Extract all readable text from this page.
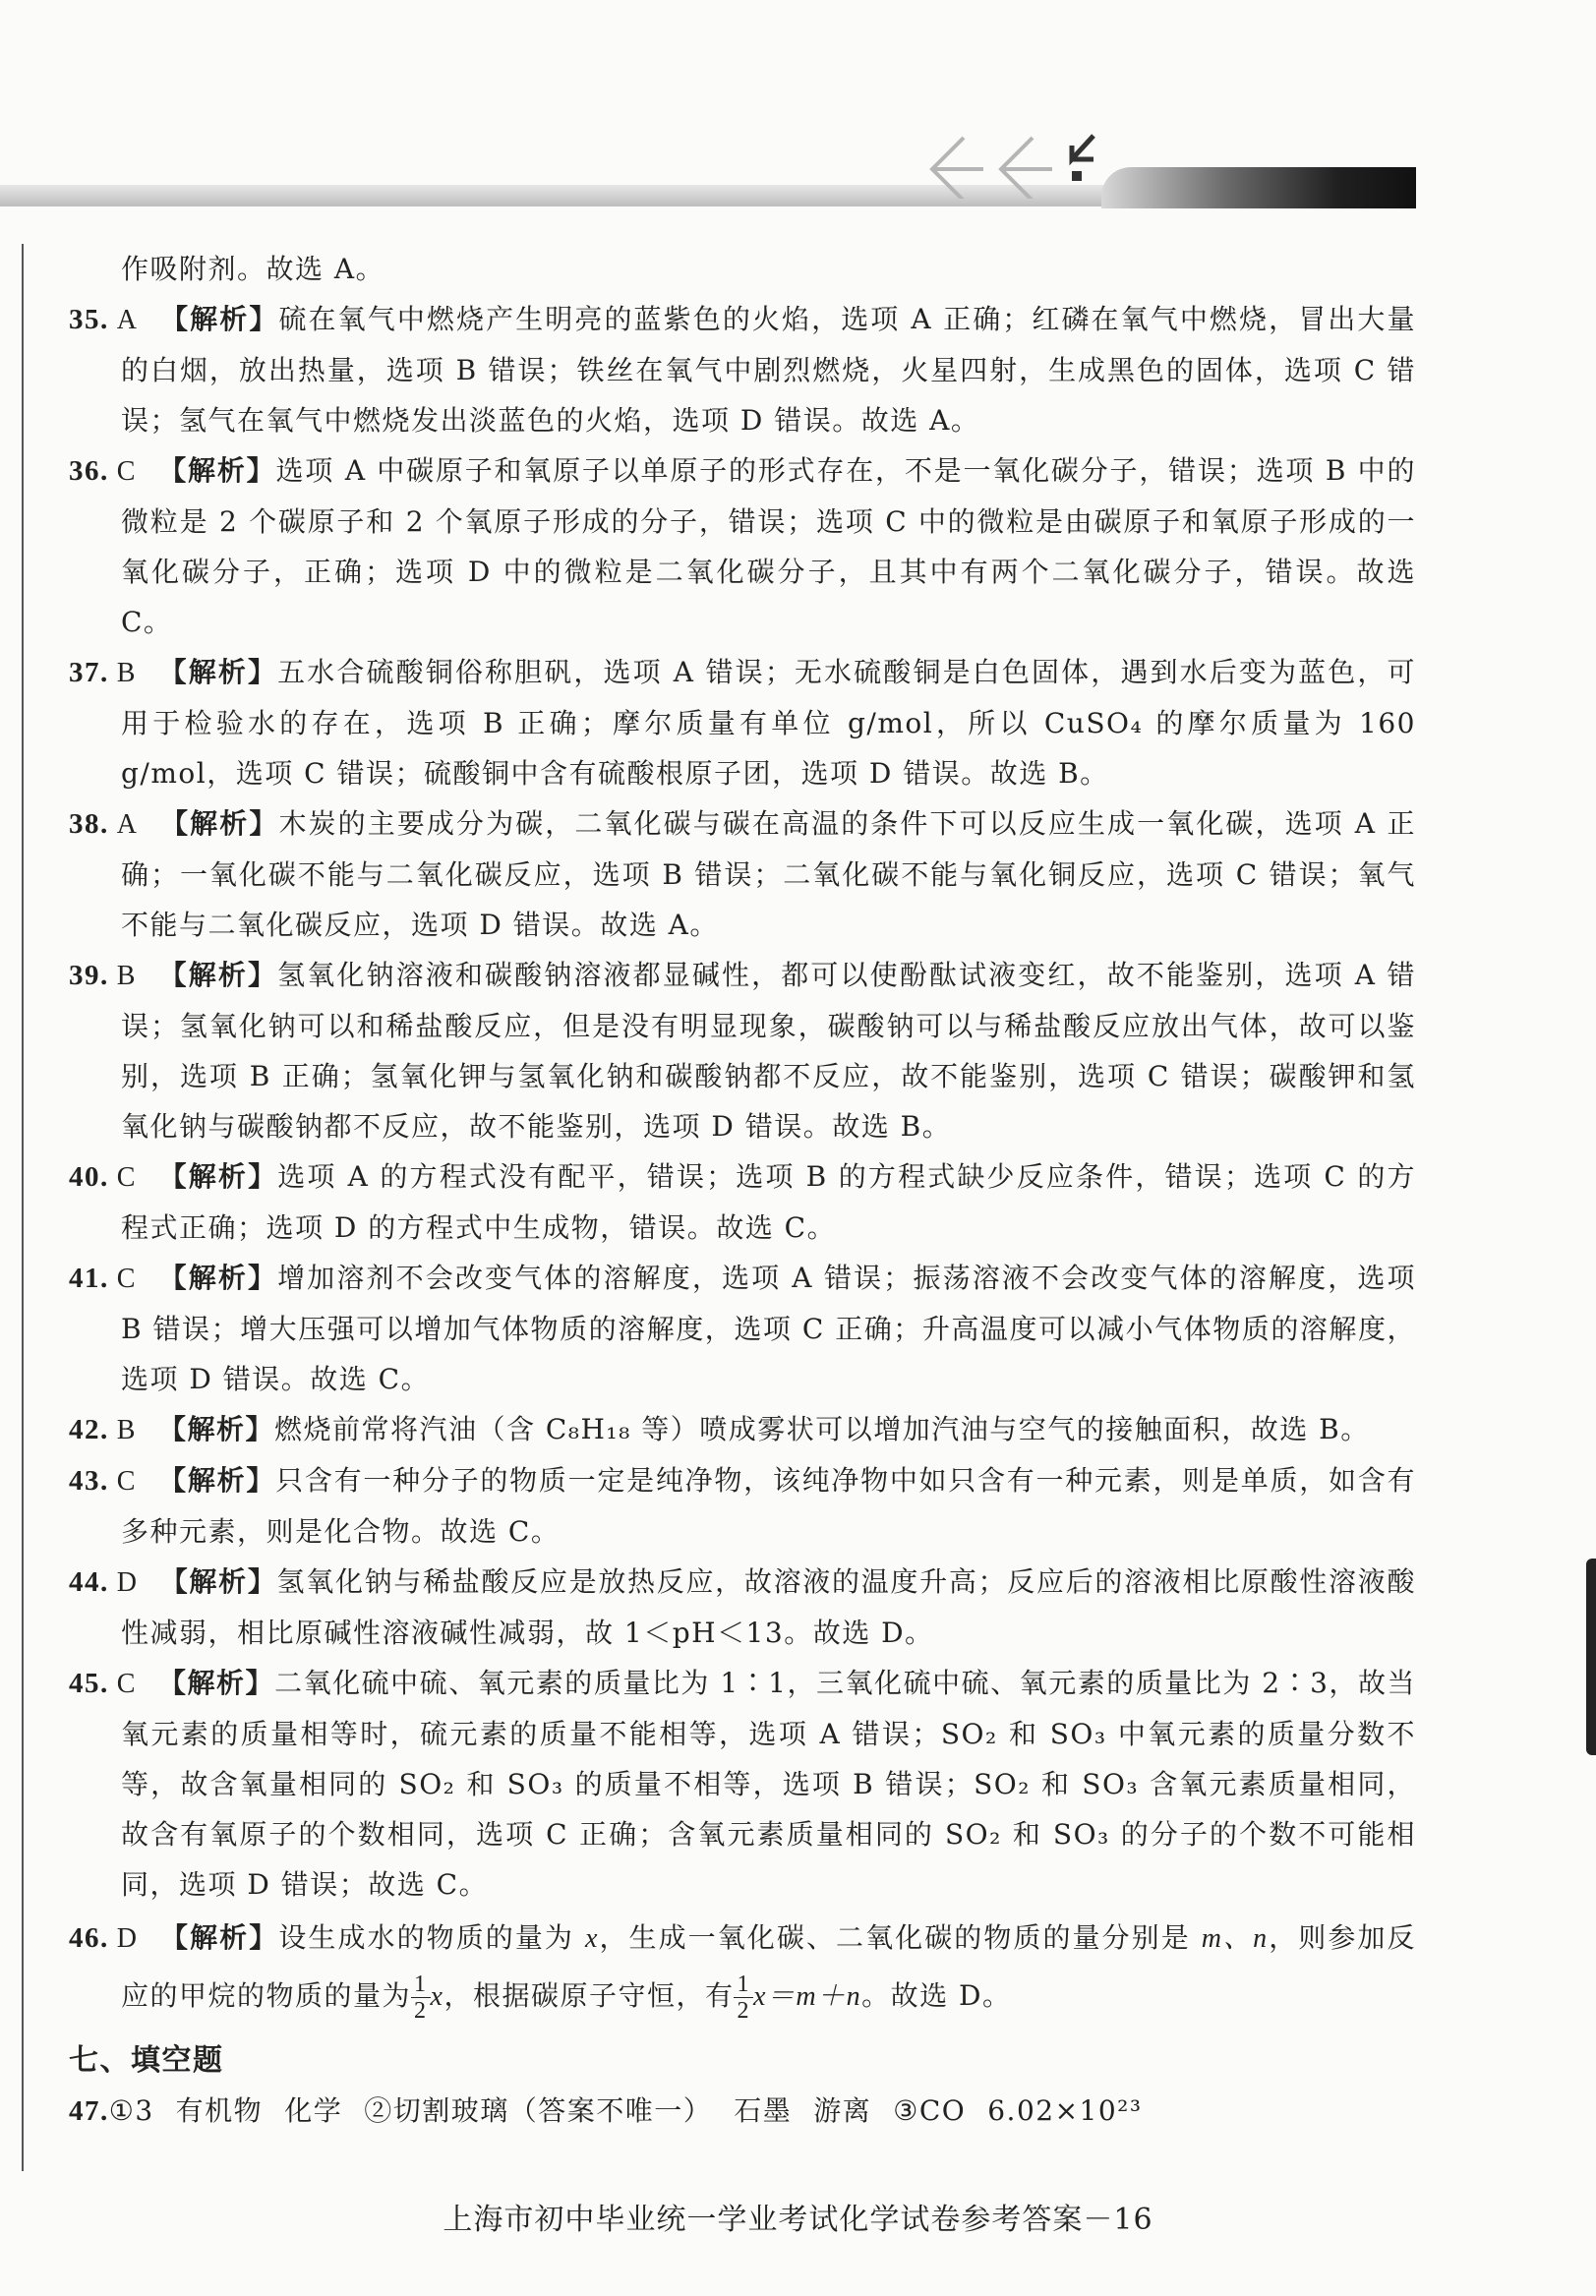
作吸附剂。故选 A。

35. A 【解析】硫在氧气中燃烧产生明亮的蓝紫色的火焰，选项 A 正确；红磷在氧气中燃烧，冒出大量的白烟，放出热量，选项 B 错误；铁丝在氧气中剧烈燃烧，火星四射，生成黑色的固体，选项 C 错误；氢气在氧气中燃烧发出淡蓝色的火焰，选项 D 错误。故选 A。

36. C 【解析】选项 A 中碳原子和氧原子以单原子的形式存在，不是一氧化碳分子，错误；选项 B 中的微粒是 2 个碳原子和 2 个氧原子形成的分子，错误；选项 C 中的微粒是由碳原子和氧原子形成的一氧化碳分子，正确；选项 D 中的微粒是二氧化碳分子，且其中有两个二氧化碳分子，错误。故选 C。

37. B 【解析】五水合硫酸铜俗称胆矾，选项 A 错误；无水硫酸铜是白色固体，遇到水后变为蓝色，可用于检验水的存在，选项 B 正确；摩尔质量有单位 g/mol，所以 CuSO₄ 的摩尔质量为 160 g/mol，选项 C 错误；硫酸铜中含有硫酸根原子团，选项 D 错误。故选 B。

38. A 【解析】木炭的主要成分为碳，二氧化碳与碳在高温的条件下可以反应生成一氧化碳，选项 A 正确；一氧化碳不能与二氧化碳反应，选项 B 错误；二氧化碳不能与氧化铜反应，选项 C 错误；氧气不能与二氧化碳反应，选项 D 错误。故选 A。

39. B 【解析】氢氧化钠溶液和碳酸钠溶液都显碱性，都可以使酚酞试液变红，故不能鉴别，选项 A 错误；氢氧化钠可以和稀盐酸反应，但是没有明显现象，碳酸钠可以与稀盐酸反应放出气体，故可以鉴别，选项 B 正确；氢氧化钾与氢氧化钠和碳酸钠都不反应，故不能鉴别，选项 C 错误；碳酸钾和氢氧化钠与碳酸钠都不反应，故不能鉴别，选项 D 错误。故选 B。

40. C 【解析】选项 A 的方程式没有配平，错误；选项 B 的方程式缺少反应条件，错误；选项 C 的方程式正确；选项 D 的方程式中生成物，错误。故选 C。

41. C 【解析】增加溶剂不会改变气体的溶解度，选项 A 错误；振荡溶液不会改变气体的溶解度，选项 B 错误；增大压强可以增加气体物质的溶解度，选项 C 正确；升高温度可以减小气体物质的溶解度，选项 D 错误。故选 C。

42. B 【解析】燃烧前常将汽油（含 C₈H₁₈ 等）喷成雾状可以增加汽油与空气的接触面积，故选 B。

43. C 【解析】只含有一种分子的物质一定是纯净物，该纯净物中如只含有一种元素，则是单质，如含有多种元素，则是化合物。故选 C。

44. D 【解析】氢氧化钠与稀盐酸反应是放热反应，故溶液的温度升高；反应后的溶液相比原酸性溶液酸性减弱，相比原碱性溶液碱性减弱，故 1＜pH＜13。故选 D。

45. C 【解析】二氧化硫中硫、氧元素的质量比为 1∶1，三氧化硫中硫、氧元素的质量比为 2∶3，故当氧元素的质量相等时，硫元素的质量不能相等，选项 A 错误；SO₂ 和 SO₃ 中氧元素的质量分数不等，故含氧量相同的 SO₂ 和 SO₃ 的质量不相等，选项 B 错误；SO₂ 和 SO₃ 含氧元素质量相同，故含有氧原子的个数相同，选项 C 正确；含氧元素质量相同的 SO₂ 和 SO₃ 的分子的个数不可能相同，选项 D 错误；故选 C。

46. D 【解析】设生成水的物质的量为 x，生成一氧化碳、二氧化碳的物质的量分别是 m、n，则参加反应的甲烷的物质的量为 $\frac{1}{2}$ x，根据碳原子守恒，有 $\frac{1}{2} x=m+n$。故选 D。

七、填空题

47.①3 有机物 化学 ②切割玻璃（答案不唯一） 石墨 游离 ③CO 6.02×10²³

上海市初中毕业统一学业考试化学试卷参考答案－16
